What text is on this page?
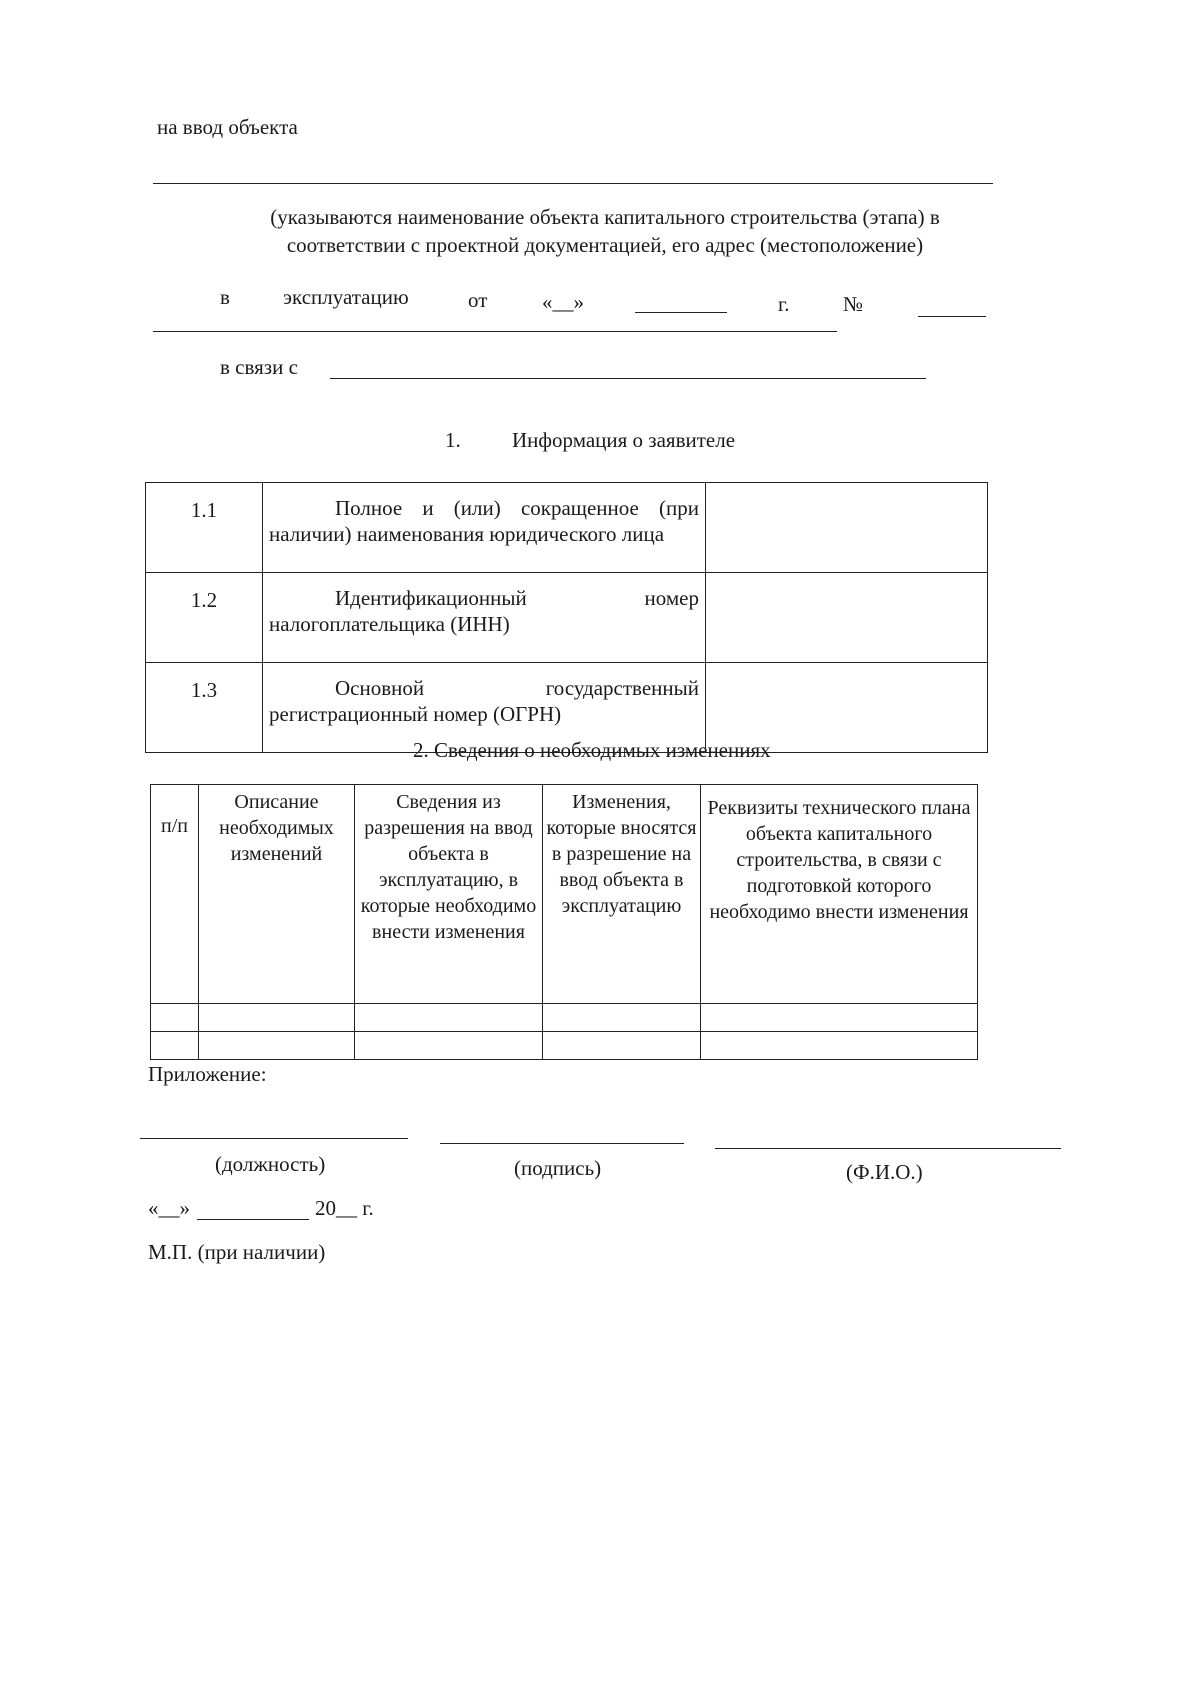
на ввод объекта
(указываются наименование объекта капитального строительства (этапа) в соответствии с проектной документацией, его адрес (местоположение)
в	эксплуатацию	от	«__»	г.	№
в связи с
1. Информация о заявителе
1.1	Полное и (или) сокращенное (при
наличии) наименования юридического лица	

1.2	Идентификационный номер
налогоплательщика (ИНН)	

1.3	Основной государственный
регистрационный номер (ОГРН)	

2. Сведения о необходимых изменениях
п/п	Описание необходимых изменений	Сведения из разрешения на ввод объекта в эксплуатацию, в которые необходимо внести изменения	Изменения, которые вносятся в разрешение на ввод объекта в эксплуатацию	Реквизиты технического плана объекта капитального строительства, в связи с подготовкой которого необходимо внести изменения

Приложение:
(должность)	(подпись)	(Ф.И.О.)
«__»	20__ г.
М.П. (при наличии)
